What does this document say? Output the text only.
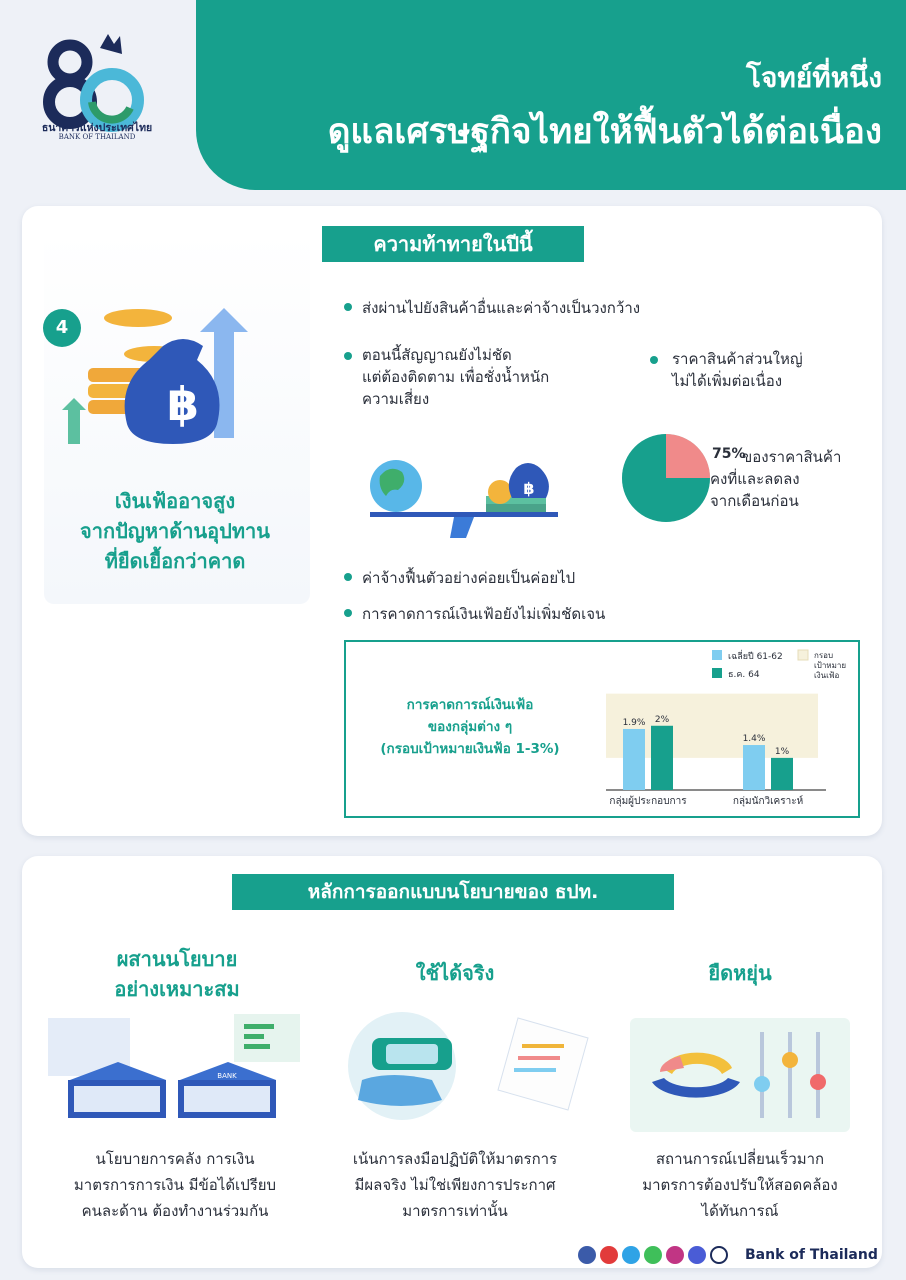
โจทย์ที่หนึ่ง
ดูแลเศรษฐกิจไทยให้ฟื้นตัวได้ต่อเนื่อง
ธนาคารแห่งประเทศไทย
BANK OF THAILAND
ความท้าทายในปีนี้
฿
4
เงินเฟ้ออาจสูง
จากปัญหาด้านอุปทาน
ที่ยืดเยื้อกว่าคาด
ส่งผ่านไปยังสินค้าอื่นและค่าจ้างเป็นวงกว้าง
ตอนนี้สัญญาณยังไม่ชัด
แต่ต้องติดตาม เพื่อชั่งน้ำหนัก
ความเสี่ยง
ราคาสินค้าส่วนใหญ่
ไม่ได้เพิ่มต่อเนื่อง
฿
75%
ของราคาสินค้า
คงที่และลดลง
จากเดือนก่อน
ค่าจ้างฟื้นตัวอย่างค่อยเป็นค่อยไป
การคาดการณ์เงินเฟ้อยังไม่เพิ่มชัดเจน
การคาดการณ์เงินเฟ้อ
ของกลุ่มต่าง ๆ
(กรอบเป้าหมายเงินฟ้อ 1-3%)
1.9% 2%
กลุ่มผู้ประกอบการ
1.4%
1%
กลุ่มนักวิเคราะห์
เฉลี่ยปี 61-62
ธ.ค. 64
กรอบ
เป้าหมาย
เงินเฟ้อ
หลักการออกแบบนโยบายของ ธปท.
ผสานนโยบาย
อย่างเหมาะสม
ใช้ได้จริง	ยืดหยุ่น
BANK
นโยบายการคลัง การเงิน
มาตรการการเงิน มีข้อได้เปรียบ
คนละด้าน ต้องทำงานร่วมกัน
เน้นการลงมือปฏิบัติให้มาตรการ
มีผลจริง ไม่ใช่เพียงการประกาศ
มาตรการเท่านั้น
สถานการณ์เปลี่ยนเร็วมาก
มาตรการต้องปรับให้สอดคล้อง
ได้ทันการณ์
Bank of Thailand
